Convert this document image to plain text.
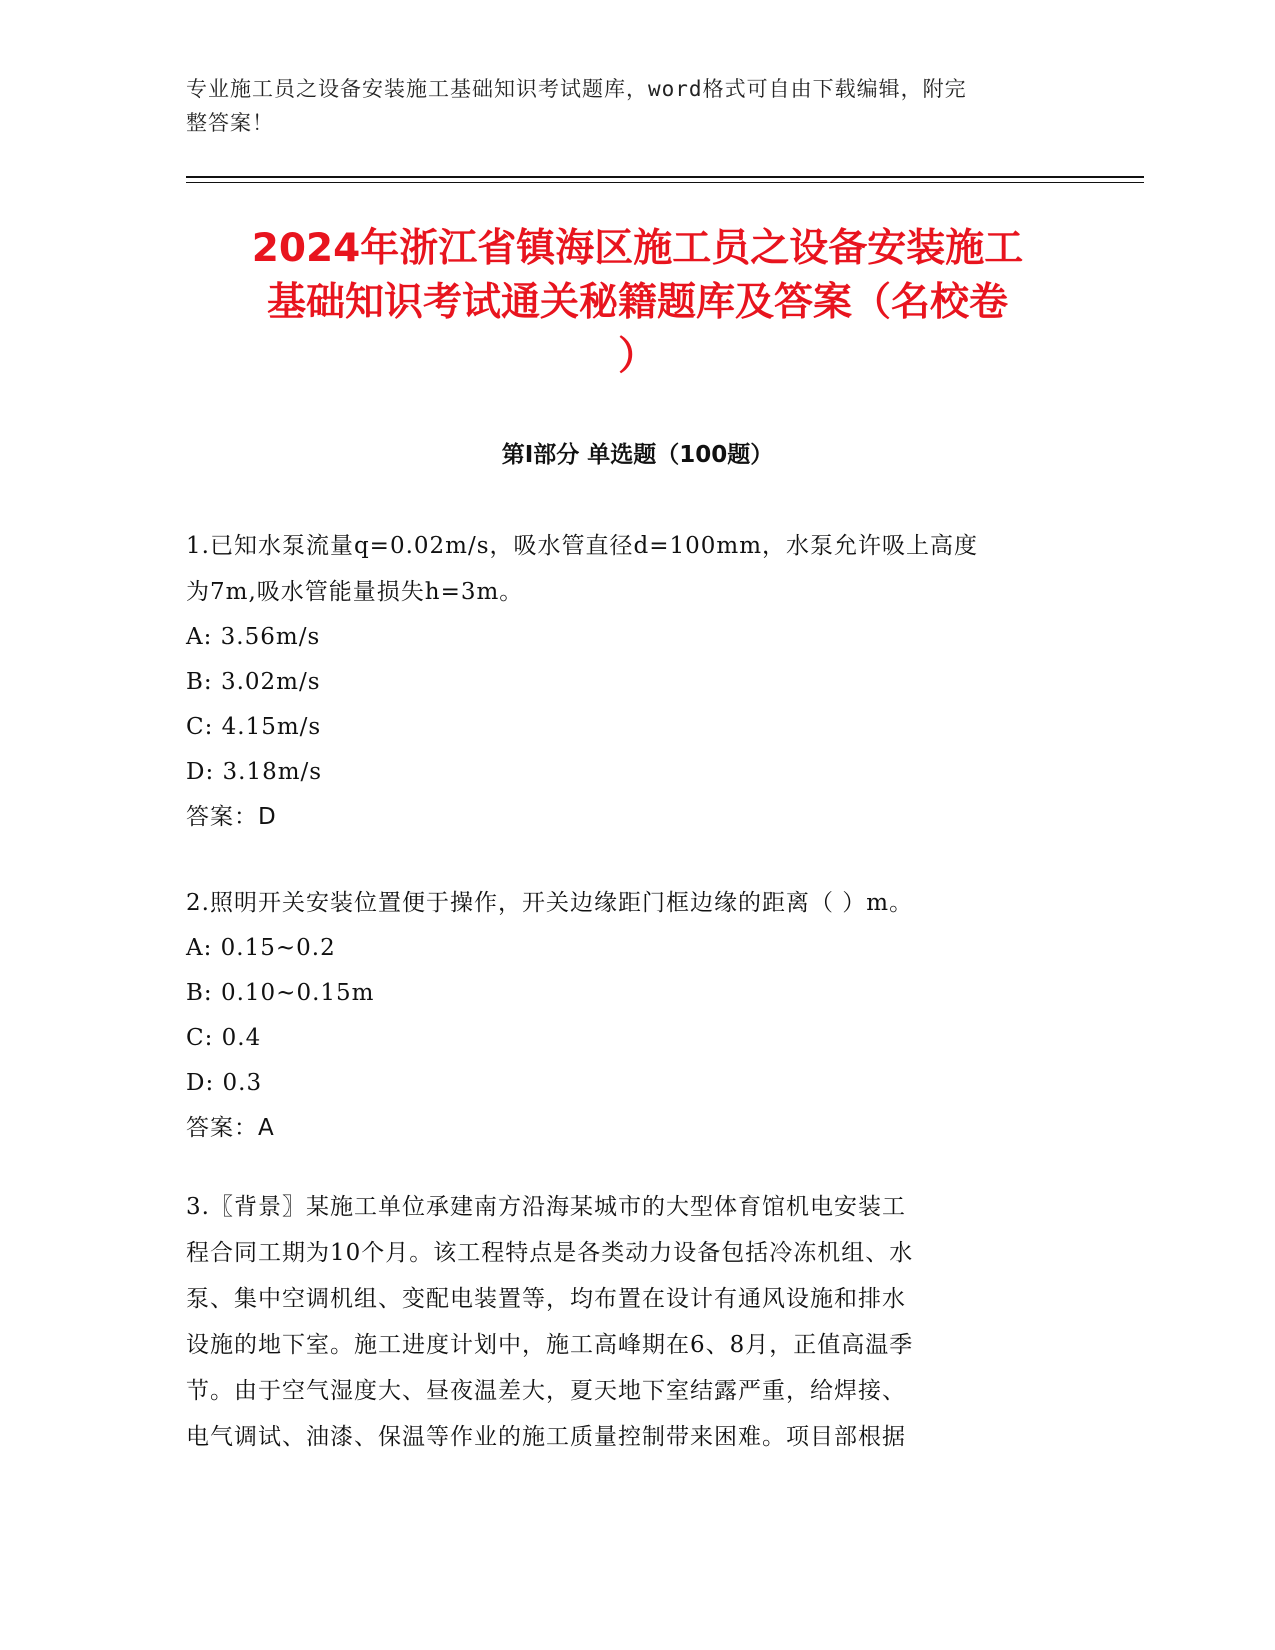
专业施工员之设备安装施工基础知识考试题库，word格式可自由下载编辑，附完
整答案！
2024年浙江省镇海区施工员之设备安装施工
基础知识考试通关秘籍题库及答案（名校卷
）
第Ⅰ部分 单选题（100题）
1.已知水泵流量q=0.02m/s，吸水管直径d=100mm，水泵允许吸上高度
为7m,吸水管能量损失h=3m。
A: 3.56m/s
B: 3.02m/s
C: 4.15m/s
D: 3.18m/s
答案：D
2.照明开关安装位置便于操作，开关边缘距门框边缘的距离（ ）m。
A: 0.15~0.2
B: 0.10~0.15m
C: 0.4
D: 0.3
答案：A
3.〖背景〗某施工单位承建南方沿海某城市的大型体育馆机电安装工
程合同工期为10个月。该工程特点是各类动力设备包括冷冻机组、水
泵、集中空调机组、变配电装置等，均布置在设计有通风设施和排水
设施的地下室。施工进度计划中，施工高峰期在6、8月，正值高温季
节。由于空气湿度大、昼夜温差大，夏天地下室结露严重，给焊接、
电气调试、油漆、保温等作业的施工质量控制带来困难。项目部根据
